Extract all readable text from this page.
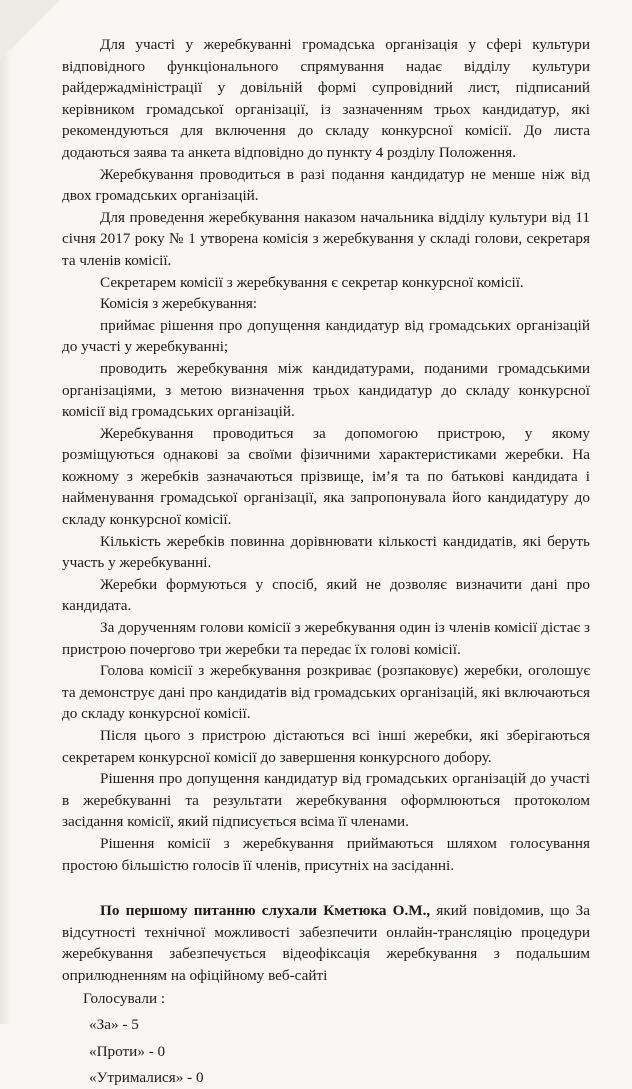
Для участі у жеребкуванні громадська організація у сфері культури відповідного функціонального спрямування надає відділу культури райдержадміністрації у довільній формі супровідний лист, підписаний керівником громадської організації, із зазначенням трьох кандидатур, які рекомендуються для включення до складу конкурсної комісії. До листа додаються заява та анкета відповідно до пункту 4 розділу Положення.

Жеребкування проводиться в разі подання кандидатур не менше ніж від двох громадських організацій.

Для проведення жеребкування наказом начальника відділу культури від 11 січня 2017 року № 1 утворена комісія з жеребкування у складі голови, секретаря та членів комісії.

Секретарем комісії з жеребкування є секретар конкурсної комісії.

Комісія з жеребкування:

приймає рішення про допущення кандидатур від громадських організацій до участі у жеребкуванні;

проводить жеребкування між кандидатурами, поданими громадськими організаціями, з метою визначення трьох кандидатур до складу конкурсної комісії від громадських організацій.

Жеребкування проводиться за допомогою пристрою, у якому розміщуються однакові за своїми фізичними характеристиками жеребки. На кожному з жеребків зазначаються прізвище, ім’я та по батькові кандидата і найменування громадської організації, яка запропонувала його кандидатуру до складу конкурсної комісії.

Кількість жеребків повинна дорівнювати кількості кандидатів, які беруть участь у жеребкуванні.

Жеребки формуються у спосіб, який не дозволяє визначити дані про кандидата.

За дорученням голови комісії з жеребкування один із членів комісії дістає з пристрою почергово три жеребки та передає їх голові комісії.

Голова комісії з жеребкування розкриває (розпаковує) жеребки, оголошує та демонструє дані про кандидатів від громадських організацій, які включаються до складу конкурсної комісії.

Після цього з пристрою дістаються всі інші жеребки, які зберігаються секретарем конкурсної комісії до завершення конкурсного добору.

Рішення про допущення кандидатур від громадських організацій до участі в жеребкуванні та результати жеребкування оформлюються протоколом засідання комісії, який підписується всіма її членами.

Рішення комісії з жеребкування приймаються шляхом голосування простою більшістю голосів її членів, присутніх на засіданні.

По першому питанню слухали Кметюка О.М., який повідомив, що За відсутності технічної можливості забезпечити онлайн-трансляцію процедури жеребкування забезпечується відеофіксація жеребкування з подальшим оприлюдненням на офіційному веб-сайті

Голосували :
«За» - 5
«Проти» - 0
«Утрималися» - 0
